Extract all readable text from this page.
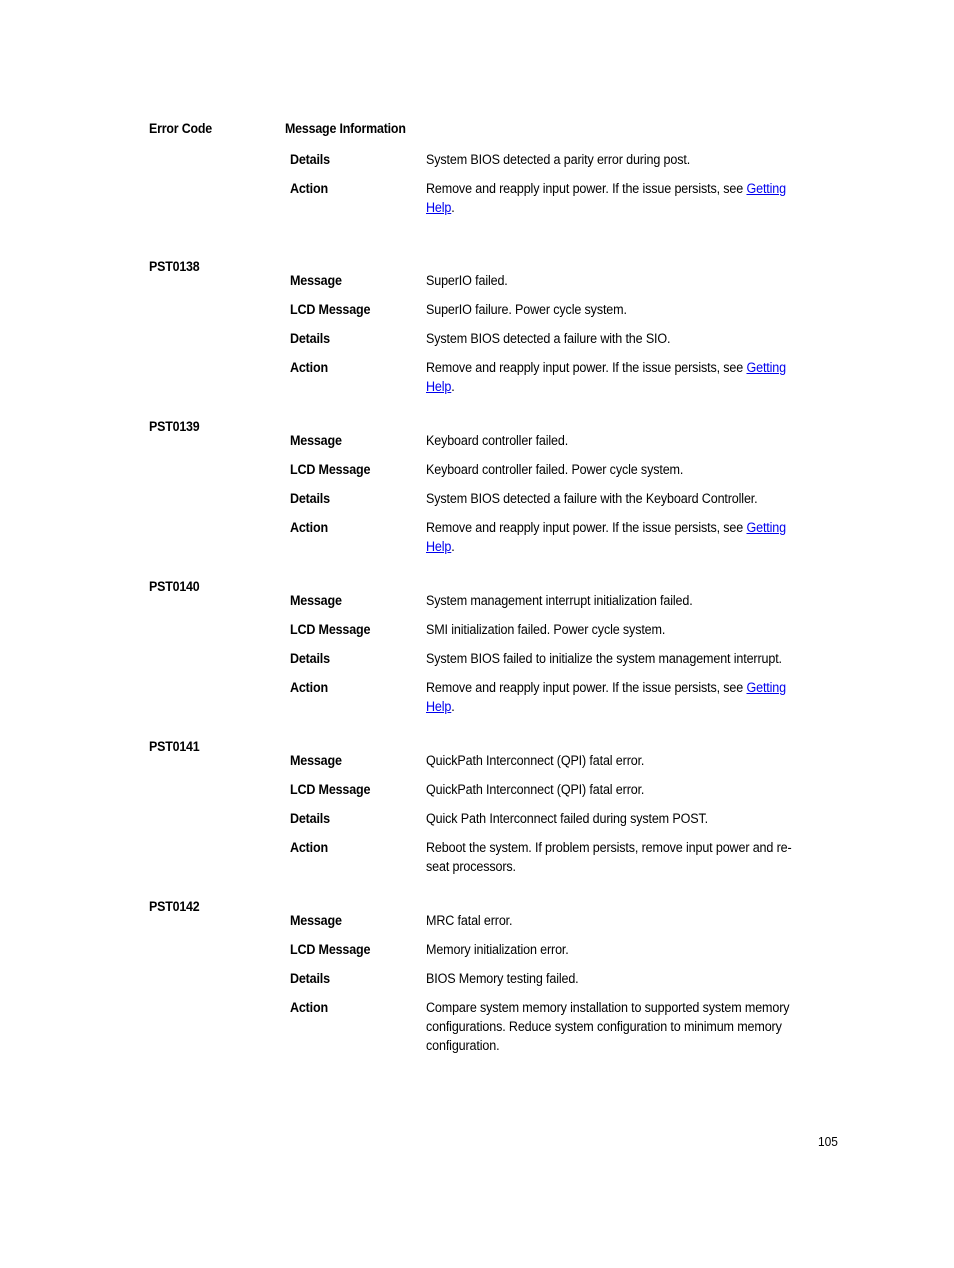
Error Code	Message Information
Details	System BIOS detected a parity error during post.
Action	Remove and reapply input power. If the issue persists, see Getting
Help.
PST0138
Message	SuperIO failed.
LCD Message	SuperIO failure. Power cycle system.
Details	System BIOS detected a failure with the SIO.
Action	Remove and reapply input power. If the issue persists, see Getting
Help.
PST0139
Message	Keyboard controller failed.
LCD Message	Keyboard controller failed. Power cycle system.
Details	System BIOS detected a failure with the Keyboard Controller.
Action	Remove and reapply input power. If the issue persists, see Getting
Help.
PST0140
Message	System management interrupt initialization failed.
LCD Message	SMI initialization failed. Power cycle system.
Details	System BIOS failed to initialize the system management interrupt.
Action	Remove and reapply input power. If the issue persists, see Getting
Help.
PST0141
Message	QuickPath Interconnect (QPI) fatal error.
LCD Message	QuickPath Interconnect (QPI) fatal error.
Details	Quick Path Interconnect failed during system POST.
Action	Reboot the system. If problem persists, remove input power and re-
seat processors.
PST0142
Message	MRC fatal error.
LCD Message	Memory initialization error.
Details	BIOS Memory testing failed.
Action	Compare system memory installation to supported system memory
configurations. Reduce system configuration to minimum memory
configuration.
105
